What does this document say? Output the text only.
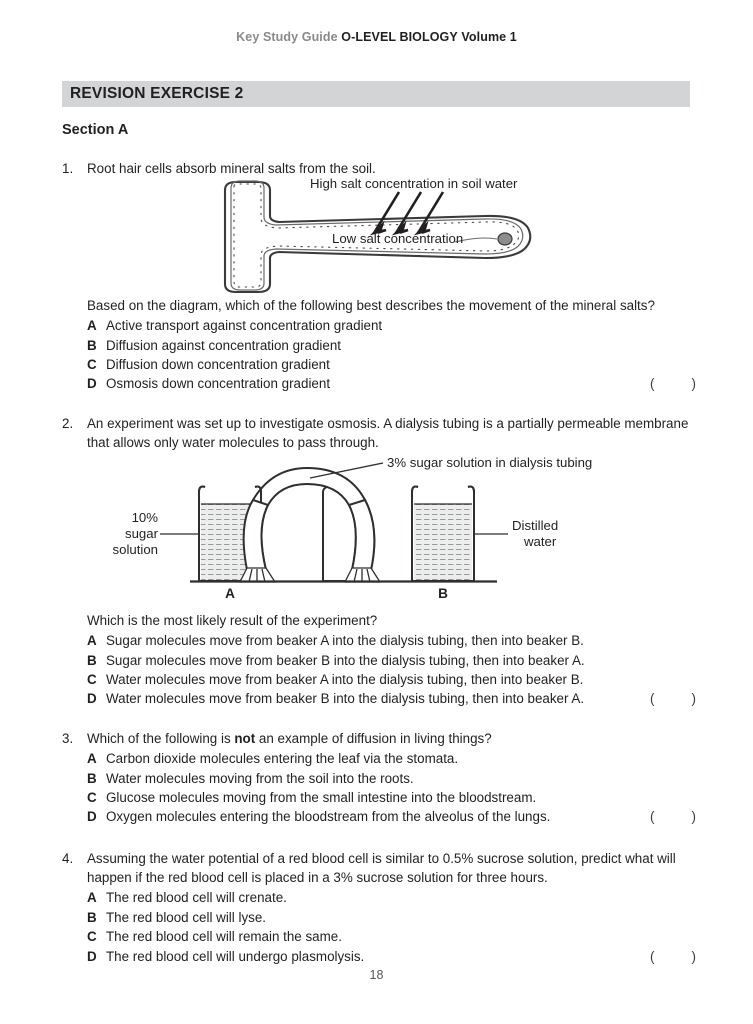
Key Study Guide O-LEVEL BIOLOGY Volume 1
REVISION EXERCISE 2
Section A
1.	Root hair cells absorb mineral salts from the soil.
High salt concentration in soil water
Low salt concentration
Based on the diagram, which of the following best describes the movement of the mineral salts?
A Active transport against concentration gradient
B Diffusion against concentration gradient
C Diffusion down concentration gradient
D Osmosis down concentration gradient	(	)
2.	An experiment was set up to investigate osmosis. A dialysis tubing is a partially permeable membrane that allows only water molecules to pass through.
3% sugar solution in dialysis tubing
10%
sugar
solution
Distilled
water
A	B
Which is the most likely result of the experiment?
A Sugar molecules move from beaker A into the dialysis tubing, then into beaker B.
B Sugar molecules move from beaker B into the dialysis tubing, then into beaker A.
C Water molecules move from beaker A into the dialysis tubing, then into beaker B.
D Water molecules move from beaker B into the dialysis tubing, then into beaker A.	(	)
3.	Which of the following is not an example of diffusion in living things?
A Carbon dioxide molecules entering the leaf via the stomata.
B Water molecules moving from the soil into the roots.
C Glucose molecules moving from the small intestine into the bloodstream.
D Oxygen molecules entering the bloodstream from the alveolus of the lungs.	(	)
4.	Assuming the water potential of a red blood cell is similar to 0.5% sucrose solution, predict what will happen if the red blood cell is placed in a 3% sucrose solution for three hours.
A The red blood cell will crenate.
B The red blood cell will lyse.
C The red blood cell will remain the same.
D The red blood cell will undergo plasmolysis.	(	)
18
